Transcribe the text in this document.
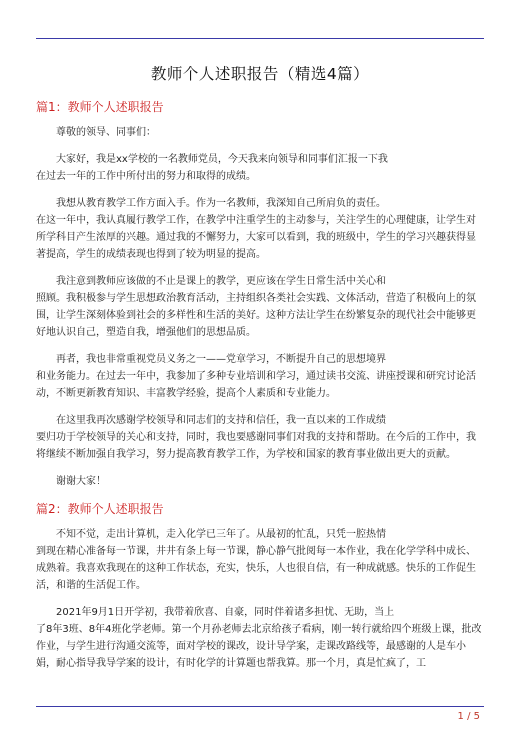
教师个人述职报告（精选4篇）
篇1：教师个人述职报告

尊敬的领导、同事们：

大家好，我是xx学校的一名教师党员，今天我来向领导和同事们汇报一下我
在过去一年的工作中所付出的努力和取得的成绩。

我想从教育教学工作方面入手。作为一名教师，我深知自己所肩负的责任。
在这一年中，我认真履行教学工作，在教学中注重学生的主动参与，关注学生的心理健康，让学生对所学科目产生浓厚的兴趣。通过我的不懈努力，大家可以看到，我的班级中，学生的学习兴趣获得显著提高，学生的成绩表现也得到了较为明显的提高。

我注意到教师应该做的不止是课上的教学，更应该在学生日常生活中关心和
照顾。我积极参与学生思想政治教育活动，主持组织各类社会实践、文体活动，营造了积极向上的氛围，让学生深刻体验到社会的多样性和生活的美好。这种方法让学生在纷繁复杂的现代社会中能够更好地认识自己，塑造自我，增强他们的思想品质。

再者，我也非常重视党员义务之一——党章学习，不断提升自己的思想境界
和业务能力。在过去一年中，我参加了多种专业培训和学习，通过读书交流、讲座授课和研究讨论活动，不断更新教育知识、丰富教学经验，提高个人素质和专业能力。

在这里我再次感谢学校领导和同志们的支持和信任，我一直以来的工作成绩
要归功于学校领导的关心和支持，同时，我也要感谢同事们对我的支持和帮助。在今后的工作中，我将继续不断加强自我学习，努力提高教育教学工作，为学校和国家的教育事业做出更大的贡献。

谢谢大家！

篇2：教师个人述职报告

不知不觉，走出计算机，走入化学已三年了。从最初的忙乱，只凭一腔热情
到现在精心准备每一节课，井井有条上每一节课，静心静气批阅每一本作业，我在化学学科中成长、成熟着。我喜欢我现在的这种工作状态，充实，快乐，人也很自信，有一种成就感。快乐的工作促生活，和谐的生活促工作。

2021年9月1日开学初，我带着欣喜、自豪，同时伴着诸多担忧、无助，当上
了8年3班、8年4班化学老师。第一个月孙老师去北京给孩子看病，刚一转行就给四个班级上课，批改作业，与学生进行沟通交流等，面对学校的课改，设计导学案，走课改路线等，最感谢的人是车小娟，耐心指导我导学案的设计，有时化学的计算题也帮我算。那一个月，真是忙疯了，工

1 / 5
